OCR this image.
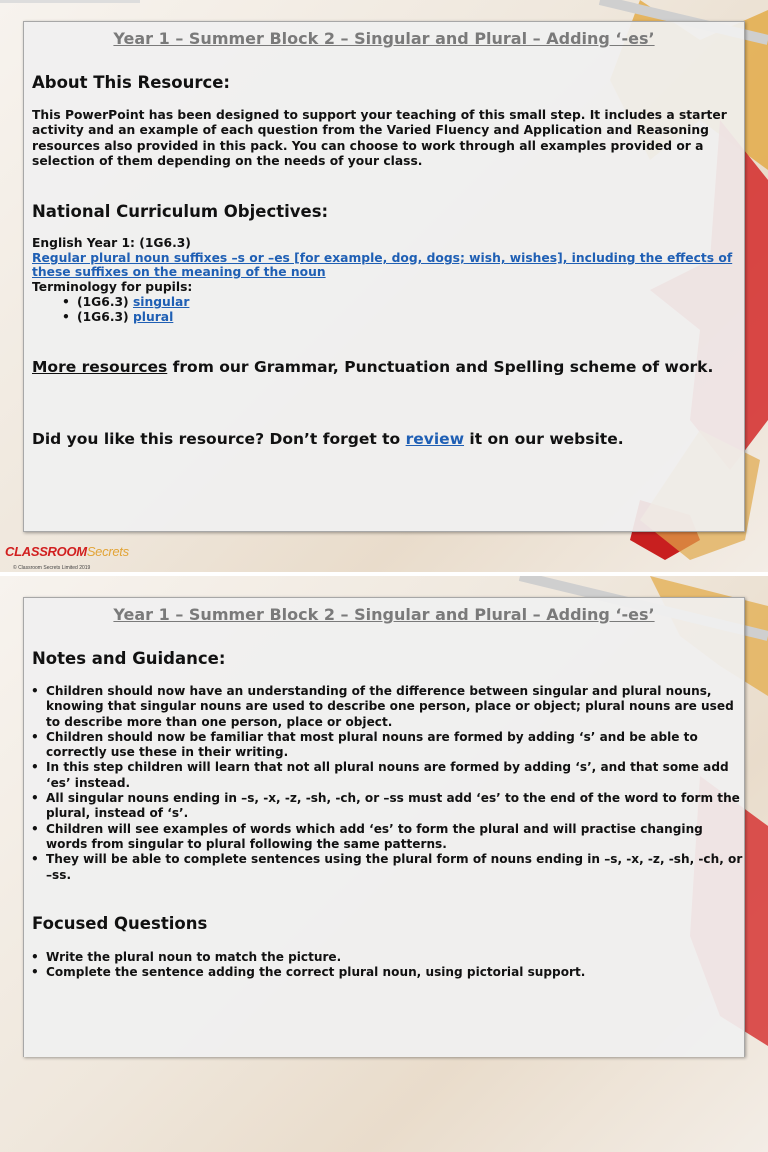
Year 1 – Summer Block 2 – Singular and Plural – Adding ‘-es’
About This Resource:
This PowerPoint has been designed to support your teaching of this small step. It includes a starter activity and an example of each question from the Varied Fluency and Application and Reasoning resources also provided in this pack. You can choose to work through all examples provided or a selection of them depending on the needs of your class.
National Curriculum Objectives:
English Year 1: (1G6.3)
Regular plural noun suffixes –s or –es [for example, dog, dogs; wish, wishes], including the effects of these suffixes on the meaning of the noun
Terminology for pupils:
• (1G6.3) singular
• (1G6.3) plural
More resources from our Grammar, Punctuation and Spelling scheme of work.
Did you like this resource? Don’t forget to review it on our website.
CLASSROOMSecrets
© Classroom Secrets Limited 2019
Year 1 – Summer Block 2 – Singular and Plural – Adding ‘-es’
Notes and Guidance:
• Children should now have an understanding of the difference between singular and plural nouns, knowing that singular nouns are used to describe one person, place or object; plural nouns are used to describe more than one person, place or object.
• Children should now be familiar that most plural nouns are formed by adding ‘s’ and be able to correctly use these in their writing.
• In this step children will learn that not all plural nouns are formed by adding ‘s’, and that some add ‘es’ instead.
• All singular nouns ending in –s, -x, -z, -sh, -ch, or –ss must add ‘es’ to the end of the word to form the plural, instead of ‘s’.
• Children will see examples of words which add ‘es’ to form the plural and will practise changing words from singular to plural following the same patterns.
• They will be able to complete sentences using the plural form of nouns ending in –s, -x, -z, -sh, -ch, or –ss.
Focused Questions
• Write the plural noun to match the picture.
• Complete the sentence adding the correct plural noun, using pictorial support.
